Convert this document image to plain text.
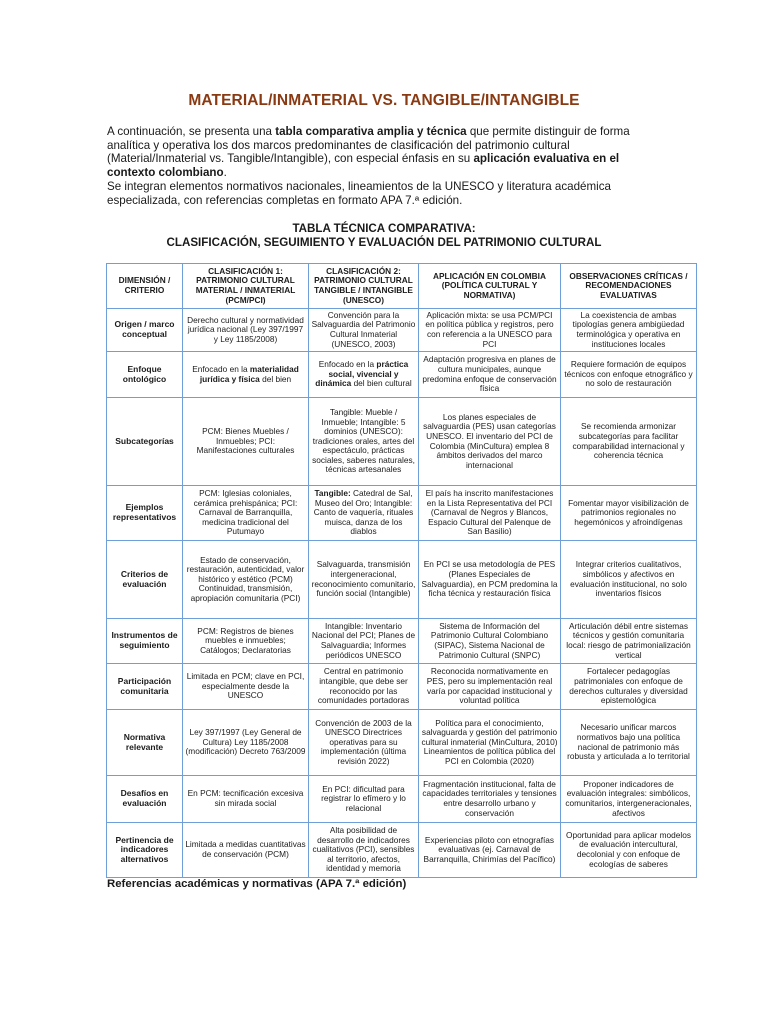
MATERIAL/INMATERIAL VS. TANGIBLE/INTANGIBLE
A continuación, se presenta una tabla comparativa amplia y técnica que permite distinguir de forma analítica y operativa los dos marcos predominantes de clasificación del patrimonio cultural (Material/Inmaterial vs. Tangible/Intangible), con especial énfasis en su aplicación evaluativa en el contexto colombiano.
Se integran elementos normativos nacionales, lineamientos de la UNESCO y literatura académica especializada, con referencias completas en formato APA 7.ª edición.
TABLA TÉCNICA COMPARATIVA:
CLASIFICACIÓN, SEGUIMIENTO Y EVALUACIÓN DEL PATRIMONIO CULTURAL
DIMENSIÓN / CRITERIO	CLASIFICACIÓN 1: PATRIMONIO CULTURAL MATERIAL / INMATERIAL (PCM/PCI)	CLASIFICACIÓN 2: PATRIMONIO CULTURAL TANGIBLE / INTANGIBLE (UNESCO)	APLICACIÓN EN COLOMBIA (POLÍTICA CULTURAL Y NORMATIVA)	OBSERVACIONES CRÍTICAS / RECOMENDACIONES EVALUATIVAS
Origen / marco conceptual	Derecho cultural y normatividad jurídica nacional (Ley 397/1997 y Ley 1185/2008)	Convención para la Salvaguardia del Patrimonio Cultural Inmaterial (UNESCO, 2003)	Aplicación mixta: se usa PCM/PCI en política pública y registros, pero con referencia a la UNESCO para PCI	La coexistencia de ambas tipologías genera ambigüedad terminológica y operativa en instituciones locales
Enfoque ontológico	Enfocado en la materialidad jurídica y física del bien	Enfocado en la práctica social, vivencial y dinámica del bien cultural	Adaptación progresiva en planes de cultura municipales, aunque predomina enfoque de conservación física	Requiere formación de equipos técnicos con enfoque etnográfico y no solo de restauración
Subcategorías	PCM: Bienes Muebles / Inmuebles; PCI: Manifestaciones culturales	Tangible: Mueble / Inmueble; Intangible: 5 dominios (UNESCO): tradiciones orales, artes del espectáculo, prácticas sociales, saberes naturales, técnicas artesanales	Los planes especiales de salvaguardia (PES) usan categorías UNESCO. El inventario del PCI de Colombia (MinCultura) emplea 8 ámbitos derivados del marco internacional	Se recomienda armonizar subcategorías para facilitar comparabilidad internacional y coherencia técnica
Ejemplos representativos	PCM: Iglesias coloniales, cerámica prehispánica; PCI: Carnaval de Barranquilla, medicina tradicional del Putumayo	Tangible: Catedral de Sal, Museo del Oro; Intangible: Canto de vaquería, rituales muisca, danza de los diablos	El país ha inscrito manifestaciones en la Lista Representativa del PCI (Carnaval de Negros y Blancos, Espacio Cultural del Palenque de San Basilio)	Fomentar mayor visibilización de patrimonios regionales no hegemónicos y afroindígenas
Criterios de evaluación	Estado de conservación, restauración, autenticidad, valor histórico y estético (PCM) Continuidad, transmisión, apropiación comunitaria (PCI)	Salvaguarda, transmisión intergeneracional, reconocimiento comunitario, función social (Intangible)	En PCI se usa metodología de PES (Planes Especiales de Salvaguardia), en PCM predomina la ficha técnica y restauración física	Integrar criterios cualitativos, simbólicos y afectivos en evaluación institucional, no solo inventarios físicos
Instrumentos de seguimiento	PCM: Registros de bienes muebles e inmuebles; Catálogos; Declaratorias	Intangible: Inventario Nacional del PCI; Planes de Salvaguardia; Informes periódicos UNESCO	Sistema de Información del Patrimonio Cultural Colombiano (SIPAC), Sistema Nacional de Patrimonio Cultural (SNPC)	Articulación débil entre sistemas técnicos y gestión comunitaria local: riesgo de patrimonialización vertical
Participación comunitaria	Limitada en PCM; clave en PCI, especialmente desde la UNESCO	Central en patrimonio intangible, que debe ser reconocido por las comunidades portadoras	Reconocida normativamente en PES, pero su implementación real varía por capacidad institucional y voluntad política	Fortalecer pedagogías patrimoniales con enfoque de derechos culturales y diversidad epistemológica
Normativa relevante	Ley 397/1997 (Ley General de Cultura) Ley 1185/2008 (modificación) Decreto 763/2009	Convención de 2003 de la UNESCO Directrices operativas para su implementación (última revisión 2022)	Política para el conocimiento, salvaguarda y gestión del patrimonio cultural inmaterial (MinCultura, 2010) Lineamientos de política pública del PCI en Colombia (2020)	Necesario unificar marcos normativos bajo una política nacional de patrimonio más robusta y articulada a lo territorial
Desafíos en evaluación	En PCM: tecnificación excesiva sin mirada social	En PCI: dificultad para registrar lo efímero y lo relacional	Fragmentación institucional, falta de capacidades territoriales y tensiones entre desarrollo urbano y conservación	Proponer indicadores de evaluación integrales: simbólicos, comunitarios, intergeneracionales, afectivos
Pertinencia de indicadores alternativos	Limitada a medidas cuantitativas de conservación (PCM)	Alta posibilidad de desarrollo de indicadores cualitativos (PCI), sensibles al territorio, afectos, identidad y memoria	Experiencias piloto con etnografías evaluativas (ej. Carnaval de Barranquilla, Chirimías del Pacífico)	Oportunidad para aplicar modelos de evaluación intercultural, decolonial y con enfoque de ecologías de saberes
Referencias académicas y normativas (APA 7.ª edición)
